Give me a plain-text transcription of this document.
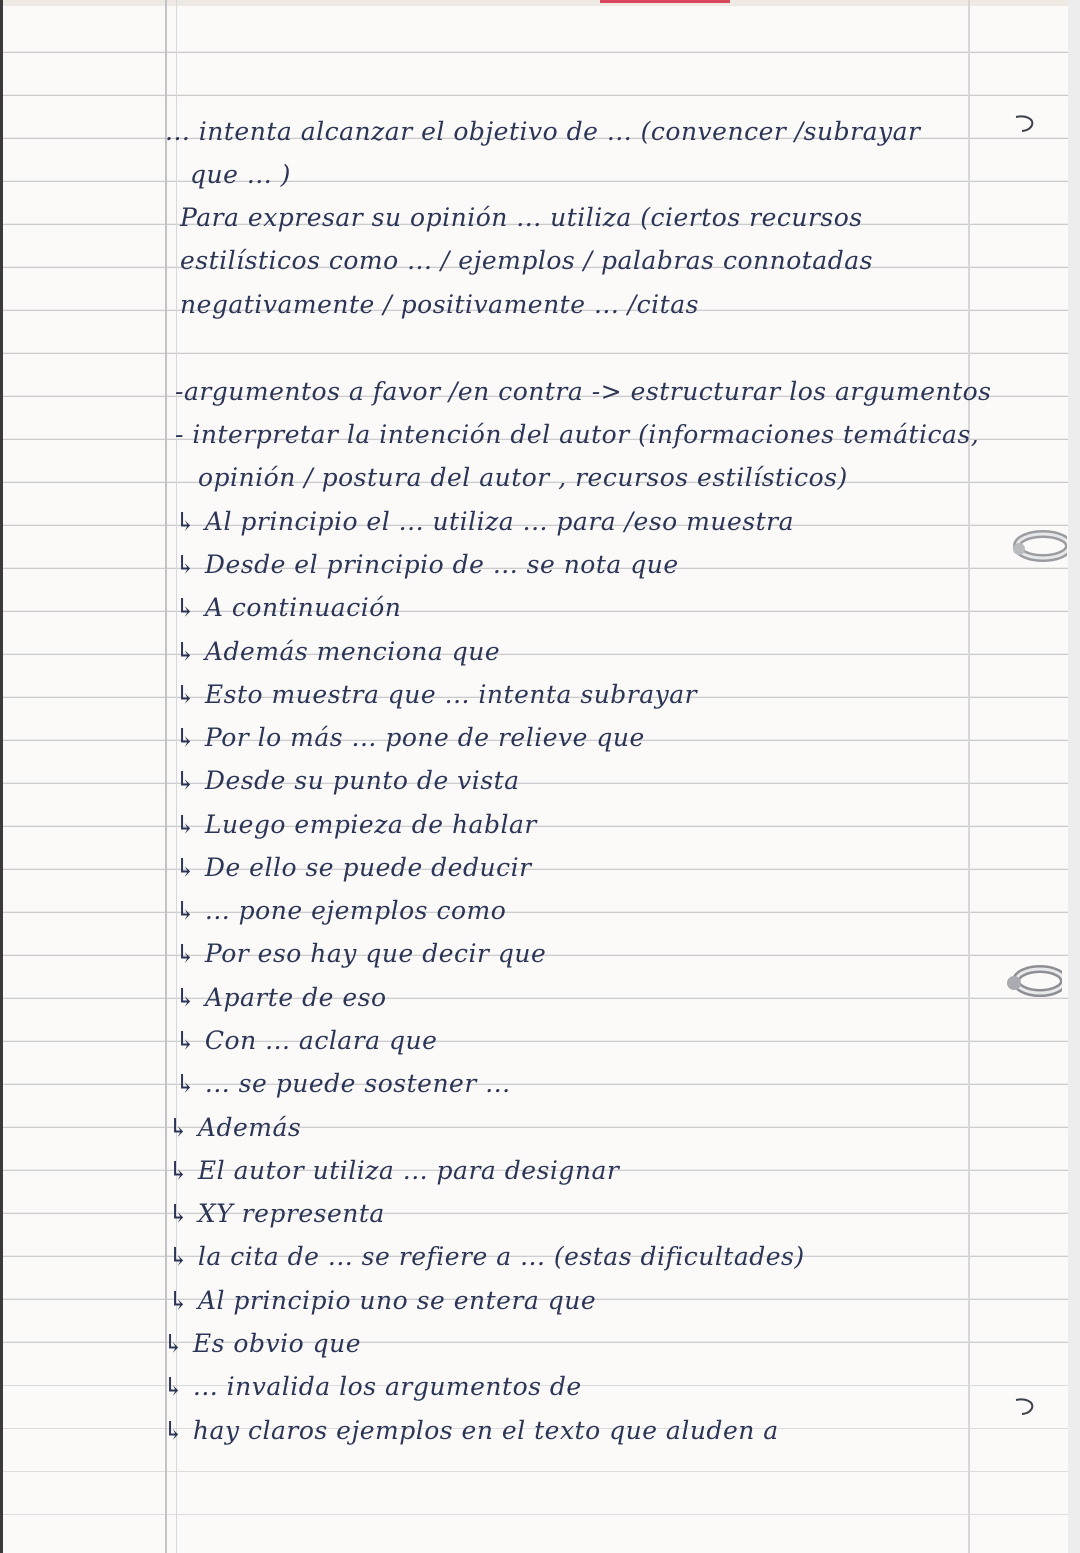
... intenta alcanzar el objetivo de ... (convencer /subrayar
que ... )
Para expresar su opinión ... utiliza (ciertos recursos
estilísticos como ... / ejemplos / palabras connotadas
negativamente / positivamente ... /citas
-argumentos a favor /en contra -> estructurar los argumentos
- interpretar la intención del autor (informaciones temáticas,
opinión / postura del autor , recursos estilísticos)
↳ Al principio el ... utiliza ... para /eso muestra
↳ Desde el principio de ... se nota que
↳ A continuación
↳ Además menciona que
↳ Esto muestra que ... intenta subrayar
↳ Por lo más ... pone de relieve que
↳ Desde su punto de vista
↳ Luego empieza de hablar
↳ De ello se puede deducir
↳ ... pone ejemplos como
↳ Por eso hay que decir que
↳ Aparte de eso
↳ Con ... aclara que
↳ ... se puede sostener ...
↳ Además
↳ El autor utiliza ... para designar
↳ XY representa
↳ la cita de ... se refiere a ... (estas dificultades)
↳ Al principio uno se entera que
↳ Es obvio que
↳ ... invalida los argumentos de
↳ hay claros ejemplos en el texto que aluden a
